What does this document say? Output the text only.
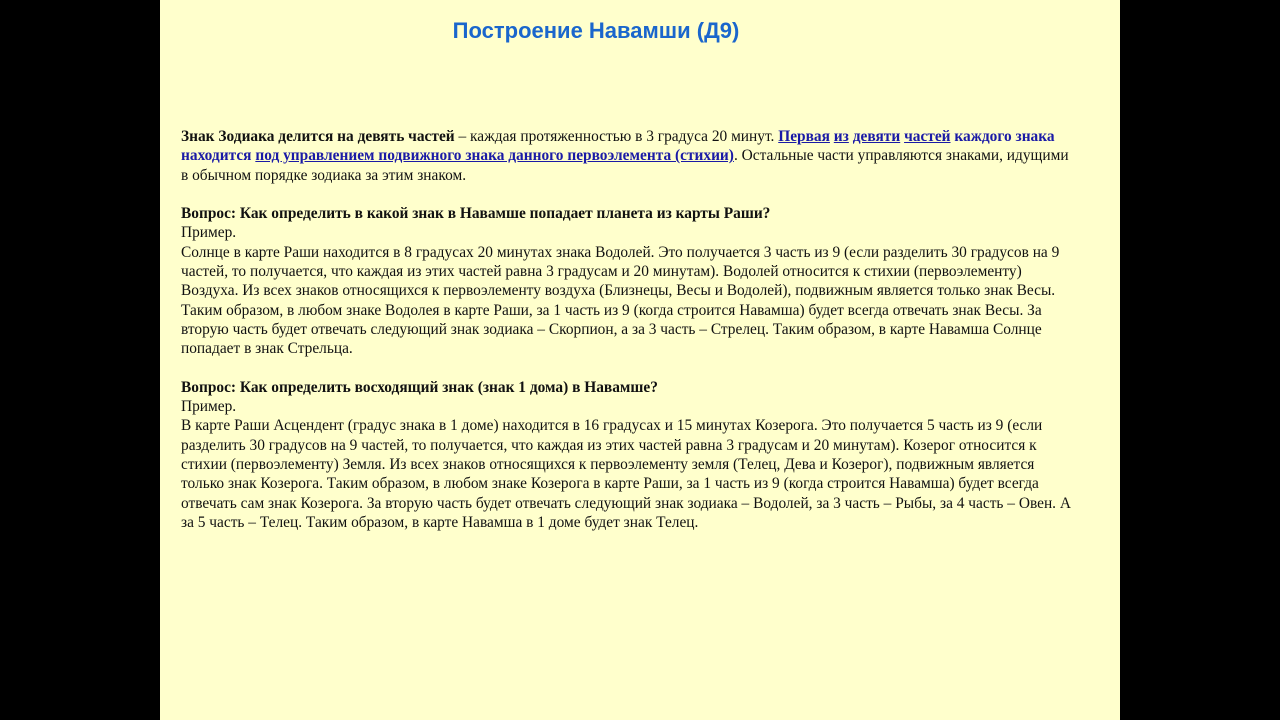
Построение Навамши (Д9)

Знак Зодиака делится на девять частей – каждая протяженностью в 3 градуса 20 минут. Первая из девяти частей каждого знака находится под управлением подвижного знака данного первоэлемента (стихии). Остальные части управляются знаками, идущими в обычном порядке зодиака за этим знаком.

Вопрос: Как определить в какой знак в Навамше попадает планета из карты Раши?

Пример.

Солнце в карте Раши находится в 8 градусах 20 минутах знака Водолей. Это получается 3 часть из 9 (если разделить 30 градусов на 9 частей, то получается, что каждая из этих частей равна 3 градусам и 20 минутам). Водолей относится к стихии (первоэлементу) Воздуха. Из всех знаков относящихся к первоэлементу воздуха (Близнецы, Весы и Водолей), подвижным является только знак Весы. Таким образом, в любом знаке Водолея в карте Раши, за 1 часть из 9 (когда строится Навамша) будет всегда отвечать знак Весы. За вторую часть будет отвечать следующий знак зодиака – Скорпион, а за 3 часть – Стрелец. Таким образом, в карте Навамша Солнце попадает в знак Стрельца.

Вопрос: Как определить восходящий знак (знак 1 дома) в Навамше?

Пример.

В карте Раши Асцендент (градус знака в 1 доме) находится в 16 градусах и 15 минутах Козерога. Это получается 5 часть из 9 (если разделить 30 градусов на 9 частей, то получается, что каждая из этих частей равна 3 градусам и 20 минутам). Козерог относится к стихии (первоэлементу) Земля. Из всех знаков относящихся к первоэлементу земля (Телец, Дева и Козерог), подвижным является только знак Козерога. Таким образом, в любом знаке Козерога в карте Раши, за 1 часть из 9 (когда строится Навамша) будет всегда отвечать сам знак Козерога. За вторую часть будет отвечать следующий знак зодиака – Водолей, за 3 часть – Рыбы, за 4 часть – Овен. А за 5 часть – Телец. Таким образом, в карте Навамша в 1 доме будет знак Телец.
